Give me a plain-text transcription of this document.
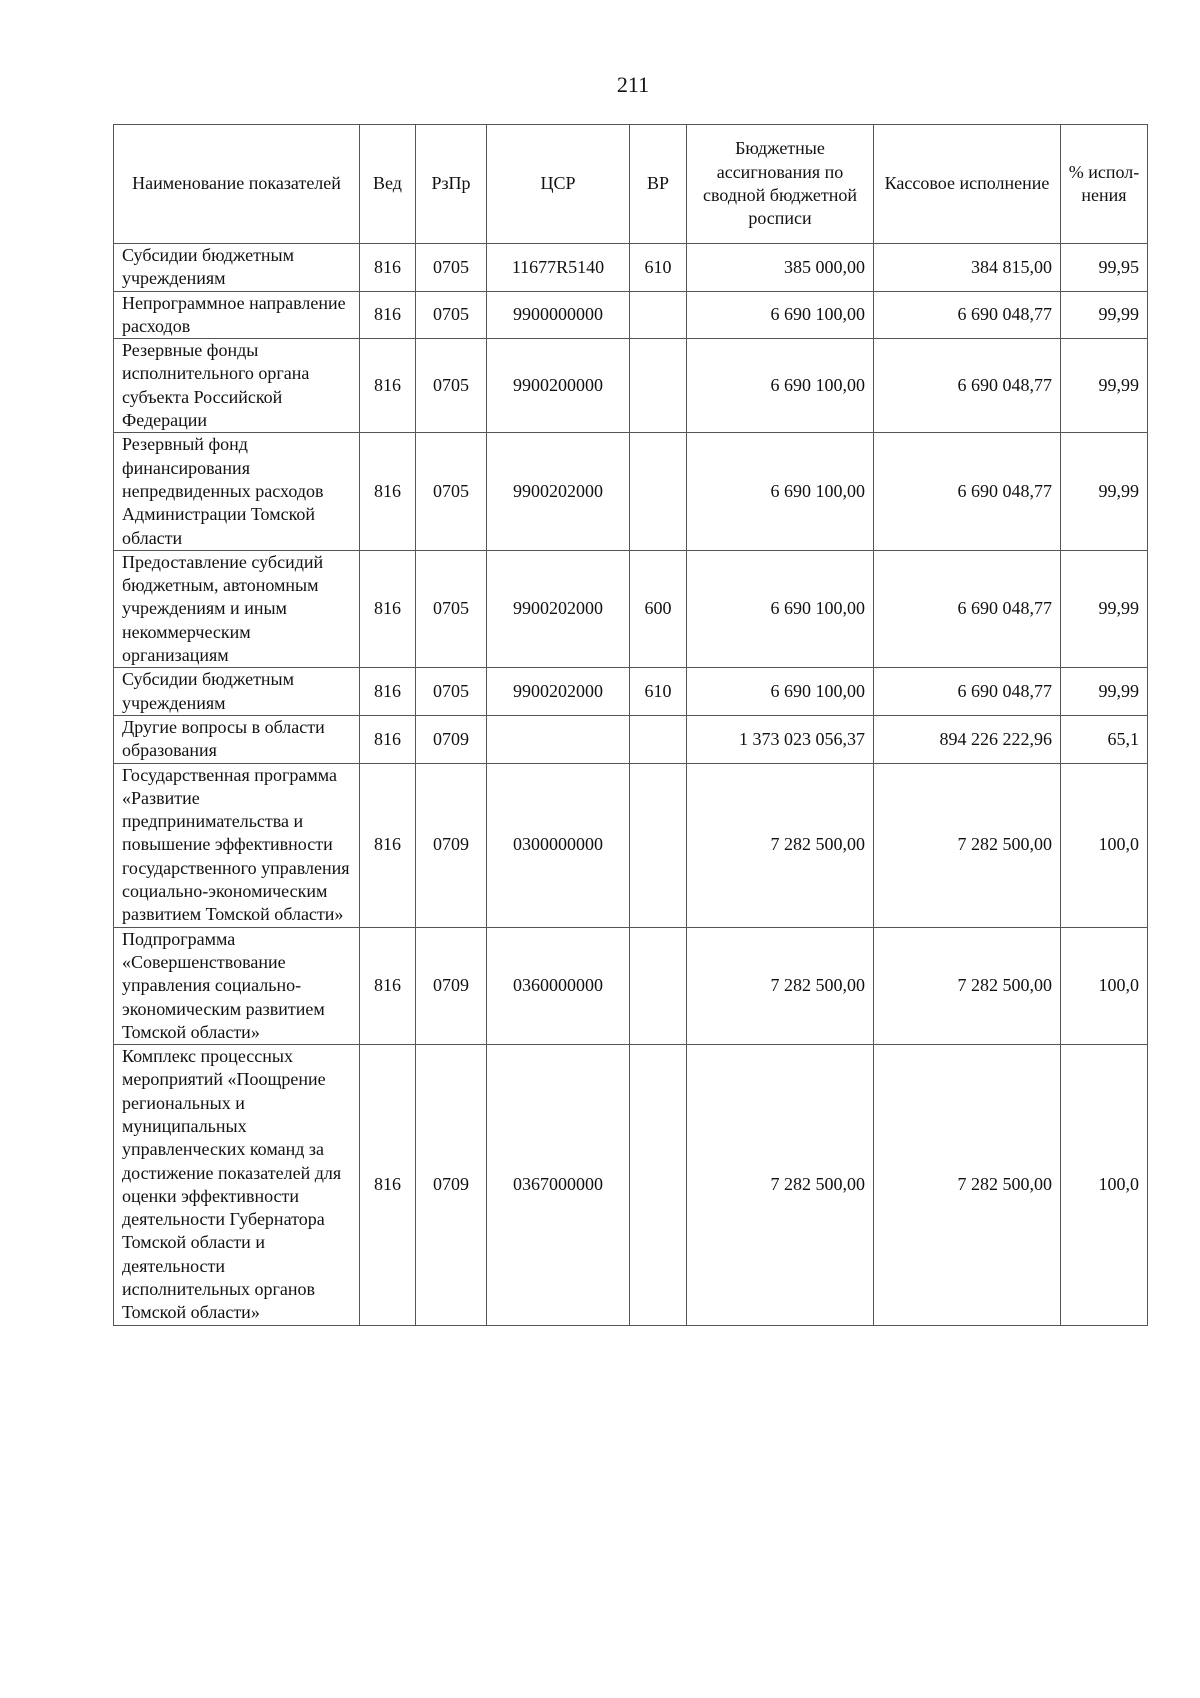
211
Наименование показателей	Вед	РзПр	ЦСР	ВР	Бюджетные ассигнования по сводной бюджетной росписи	Кассовое исполнение	% испол-нения
Субсидии бюджетным учреждениям	816	0705	11677R5140	610	385 000,00	384 815,00	99,95
Непрограммное направление расходов	816	0705	9900000000		6 690 100,00	6 690 048,77	99,99
Резервные фонды исполнительного органа субъекта Российской Федерации	816	0705	9900200000		6 690 100,00	6 690 048,77	99,99
Резервный фонд финансирования непредвиденных расходов Администрации Томской области	816	0705	9900202000		6 690 100,00	6 690 048,77	99,99
Предоставление субсидий бюджетным, автономным учреждениям и иным некоммерческим организациям	816	0705	9900202000	600	6 690 100,00	6 690 048,77	99,99
Субсидии бюджетным учреждениям	816	0705	9900202000	610	6 690 100,00	6 690 048,77	99,99
Другие вопросы в области образования	816	0709			1 373 023 056,37	894 226 222,96	65,1
Государственная программа «Развитие предпринимательства и повышение эффективности государственного управления социально-экономическим развитием Томской области»	816	0709	0300000000		7 282 500,00	7 282 500,00	100,0
Подпрограмма «Совершенствование управления социально-экономическим развитием Томской области»	816	0709	0360000000		7 282 500,00	7 282 500,00	100,0
Комплекс процессных мероприятий «Поощрение региональных и муниципальных управленческих команд за достижение показателей для оценки эффективности деятельности Губернатора Томской области и деятельности исполнительных органов Томской области»	816	0709	0367000000		7 282 500,00	7 282 500,00	100,0
